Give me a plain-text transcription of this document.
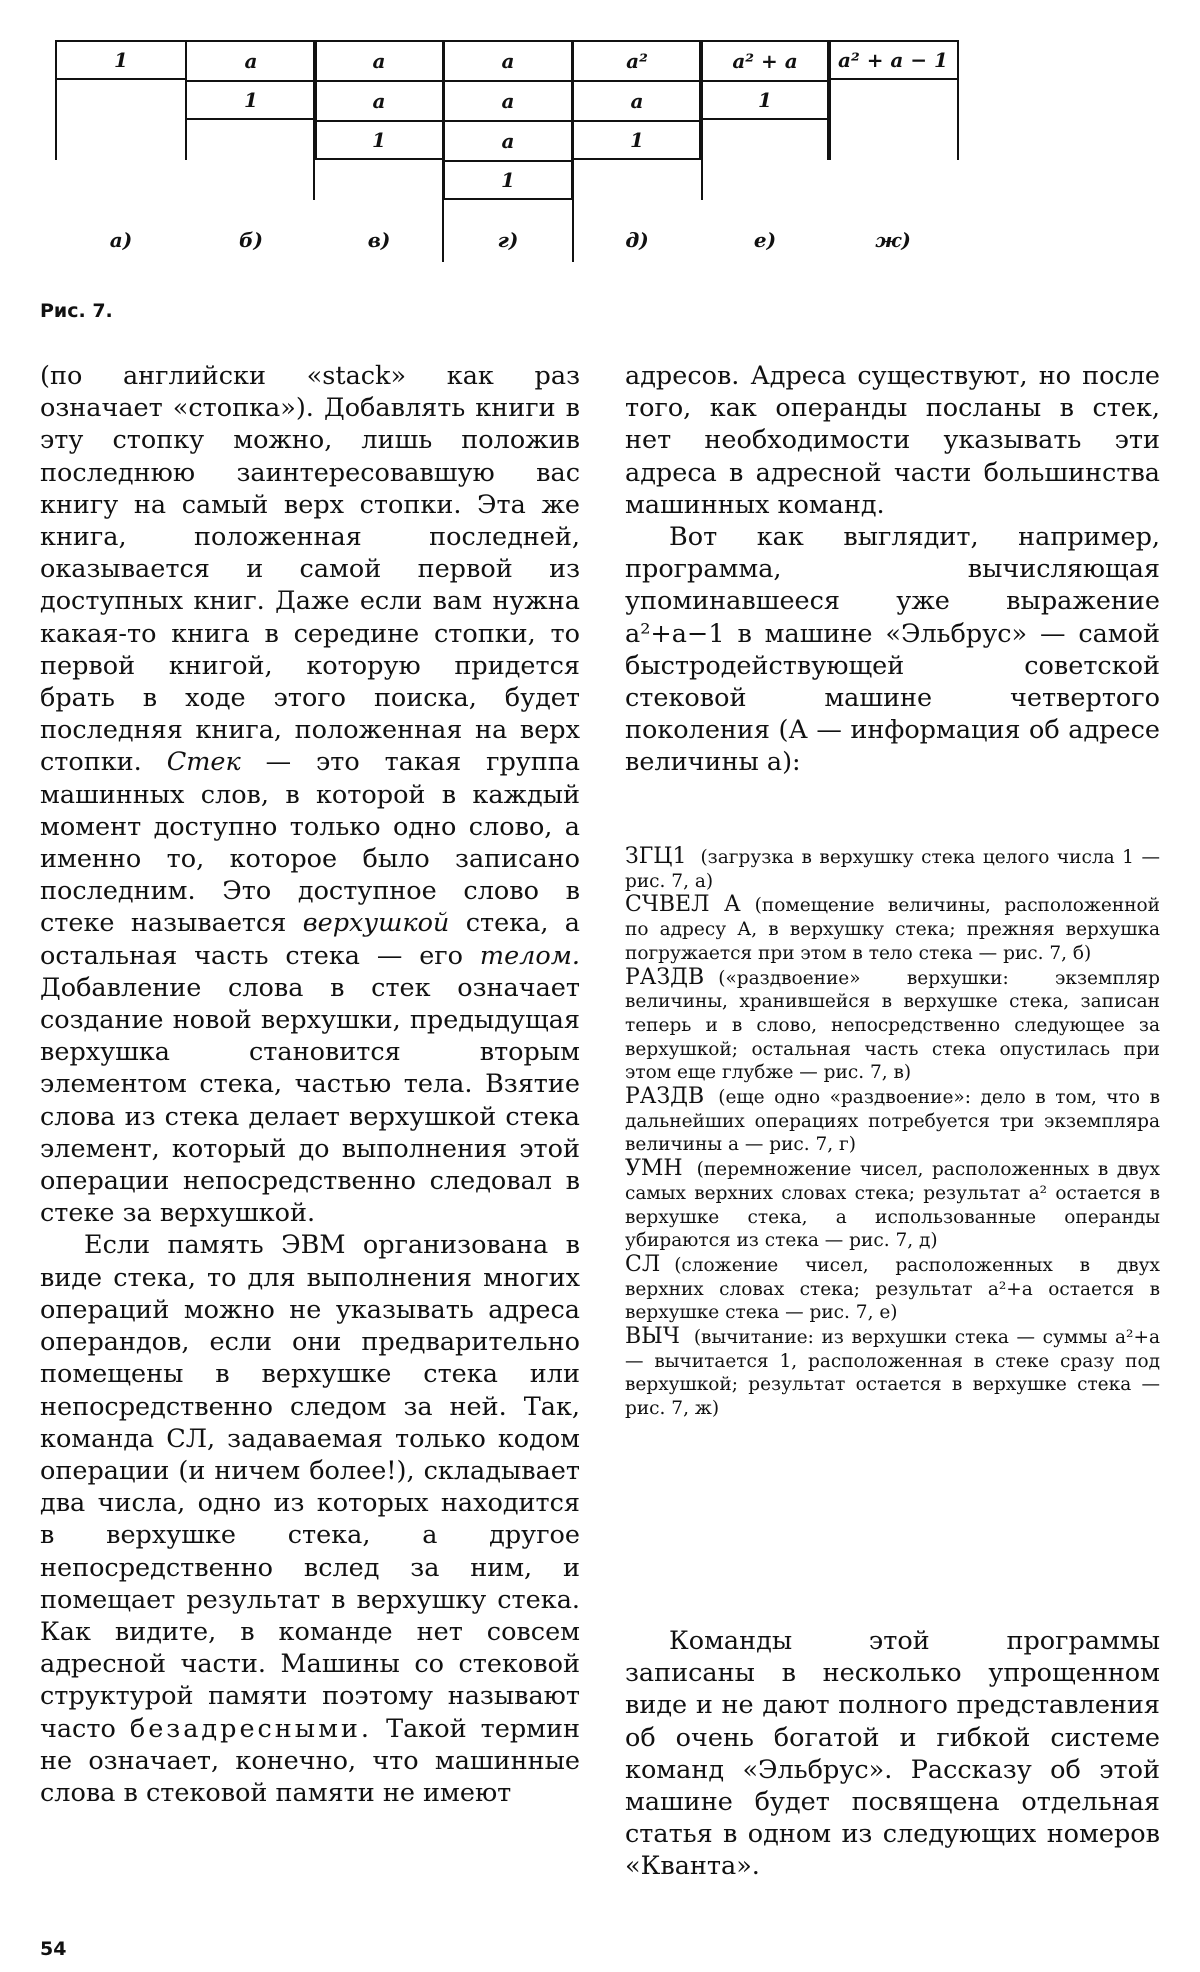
1
а)
a
1
б)
a
a
1
в)
a
a
a
1
г)
a²
a
1
д)
a² + a
1
е)
a² + a − 1
ж)
Рис. 7.

(по английски «stack» как раз означает «стопка»). Добавлять книги в эту стопку можно, лишь положив последнюю заинтересовавшую вас книгу на самый верх стопки. Эта же книга, положенная последней, оказывается и самой первой из доступных книг. Даже если вам нужна какая-то книга в середине стопки, то первой книгой, которую придется брать в ходе этого поиска, будет последняя книга, положенная на верх стопки. Стек — это такая группа машинных слов, в которой в каждый момент доступно только одно слово, а именно то, которое было записано последним. Это доступное слово в стеке называется верхушкой стека, а остальная часть стека — его телом. Добавление слова в стек означает создание новой верхушки, предыдущая верхушка становится вторым элементом стека, частью тела. Взятие слова из стека делает верхушкой стека элемент, который до выполнения этой операции непосредственно следовал в стеке за верхушкой.

Если память ЭВМ организована в виде стека, то для выполнения многих операций можно не указывать адреса операндов, если они предварительно помещены в верхушке стека или непосредственно следом за ней. Так, команда СЛ, задаваемая только кодом операции (и ничем более!), складывает два числа, одно из которых находится в верхушке стека, а другое непосредственно вслед за ним, и помещает результат в верхушку стека. Как видите, в команде нет совсем адресной части. Машины со стековой структурой памяти поэтому называют часто безадресными. Такой термин не означает, конечно, что машинные слова в стековой памяти не имеют

адресов. Адреса существуют, но после того, как операнды посланы в стек, нет необходимости указывать эти адреса в адресной части большинства машинных команд.

Вот как выглядит, например, программа, вычисляющая упоминавшееся уже выражение a²+a−1 в машине «Эльбрус» — самой быстродействующей советской стековой машине четвертого поколения (А — информация об адресе величины a):

ЗГЦ1 (загрузка в верхушку стека целого числа 1 — рис. 7, а)

СЧВЕЛ А (помещение величины, расположенной по адресу А, в верхушку стека; прежняя верхушка погружается при этом в тело стека — рис. 7, б)

РАЗДВ («раздвоение» верхушки: экземпляр величины, хранившейся в верхушке стека, записан теперь и в слово, непосредственно следующее за верхушкой; остальная часть стека опустилась при этом еще глубже — рис. 7, в)

РАЗДВ (еще одно «раздвоение»: дело в том, что в дальнейших операциях потребуется три экземпляра величины a — рис. 7, г)

УМН (перемножение чисел, расположенных в двух самых верхних словах стека; результат a² остается в верхушке стека, а использованные операнды убираются из стека — рис. 7, д)

СЛ (сложение чисел, расположенных в двух верхних словах стека; результат a²+a остается в верхушке стека — рис. 7, е)

ВЫЧ (вычитание: из верхушки стека — суммы a²+a — вычитается 1, расположенная в стеке сразу под верхушкой; результат остается в верхушке стека — рис. 7, ж)

Команды этой программы записаны в несколько упрощенном виде и не дают полного представления об очень богатой и гибкой системе команд «Эльбрус». Рассказу об этой машине будет посвящена отдельная статья в одном из следующих номеров «Кванта».

54
